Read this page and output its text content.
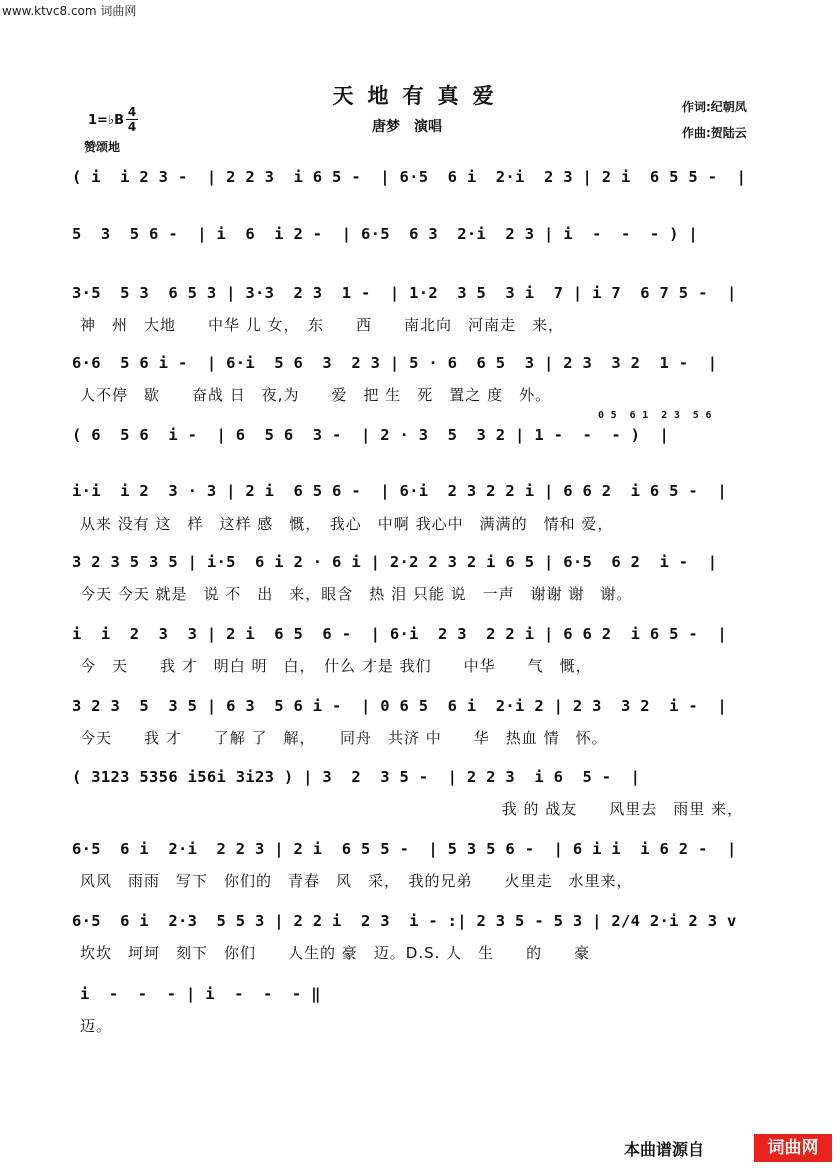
www.ktvc8.com 词曲网
天地有真爱
唐梦　演唱
作词:纪朝凤
作曲:贺陆云
1=♭B
4
4
赞颂地
( i  i 2 3 -  | 2 2 3  i 6 5 -  | 6·5  6 i  2·i  2 3 | 2 i  6 5 5 -  |
5  3  5 6 -  | i  6  i 2 -  | 6·5  6 3  2·i  2 3 | i  -  -  - ) |
3·5  5 3  6 5 3 | 3·3  2 3  1 -  | 1·2  3 5  3 i  7 | i 7  6 7 5 -  |
神　州　大地　　中华 儿 女，　东　　西　　南北向　河南走　来，
6·6  5 6 i -  | 6·i  5 6  3  2 3 | 5 · 6  6 5  3 | 2 3  3 2  1 -  |
人不停　歇　　奋战 日　夜,为　　爱　把 生　死　置之 度　外。
( 6  5 6  i -  | 6  5 6  3 -  | 2 · 3  5  3 2 | 1 -  -  - )  |
0 5  6 1  2 3  5 6
i·i  i 2  3 · 3 | 2 i  6 5 6 -  | 6·i  2 3 2 2 i | 6 6 2  i 6 5 -  |
从来 没有 这　样　这样 感　慨，　我心　中啊 我心中　满满的　情和 爱，
3 2 3 5 3 5 | i·5  6 i 2 · 6 i | 2·2 2 3 2 i 6 5 | 6·5  6 2  i -  |
今天 今天 就是　说 不　出　来，眼含　热 泪 只能 说　一声　谢谢 谢　谢。
i  i  2  3  3 | 2 i  6 5  6 -  | 6·i  2 3  2 2 i | 6 6 2  i 6 5 -  |
今　天　　我 才　明白 明　白，　什么 才是 我们　　中华　　气　慨，
3 2 3  5  3 5 | 6 3  5 6 i -  | 0 6 5  6 i  2·i 2 | 2 3  3 2  i -  |
今天　　我 才　　了解 了　解，　　同舟　共济 中　　华　热血 情　怀。
( 3123 5356 i56i 3i23 ) | 3  2  3 5 -  | 2 2 3  i 6  5 -  |
　　　　　　　　　　　　　　　　　　　　　　　　　　 我 的 战友　　风里去　雨里 来，
6·5  6 i  2·i  2 2 3 | 2 i  6 5 5 -  | 5 3 5 6 -  | 6 i i  i 6 2 -  |
风风　雨雨　写下　你们的　青春　风　采，　我的兄弟　　火里走　水里来，
6·5  6 i  2·3  5 5 3 | 2 2 i  2 3  i - :| 2 3 5 - 5 3 | 2/4 2·i 2 3 v
坎坎　坷坷　刻下　你们　　人生的 豪　迈。D.S. 人　生　　的　　豪
i  -  -  - | i  -  -  - ‖
迈。
本曲谱源自	词曲网
